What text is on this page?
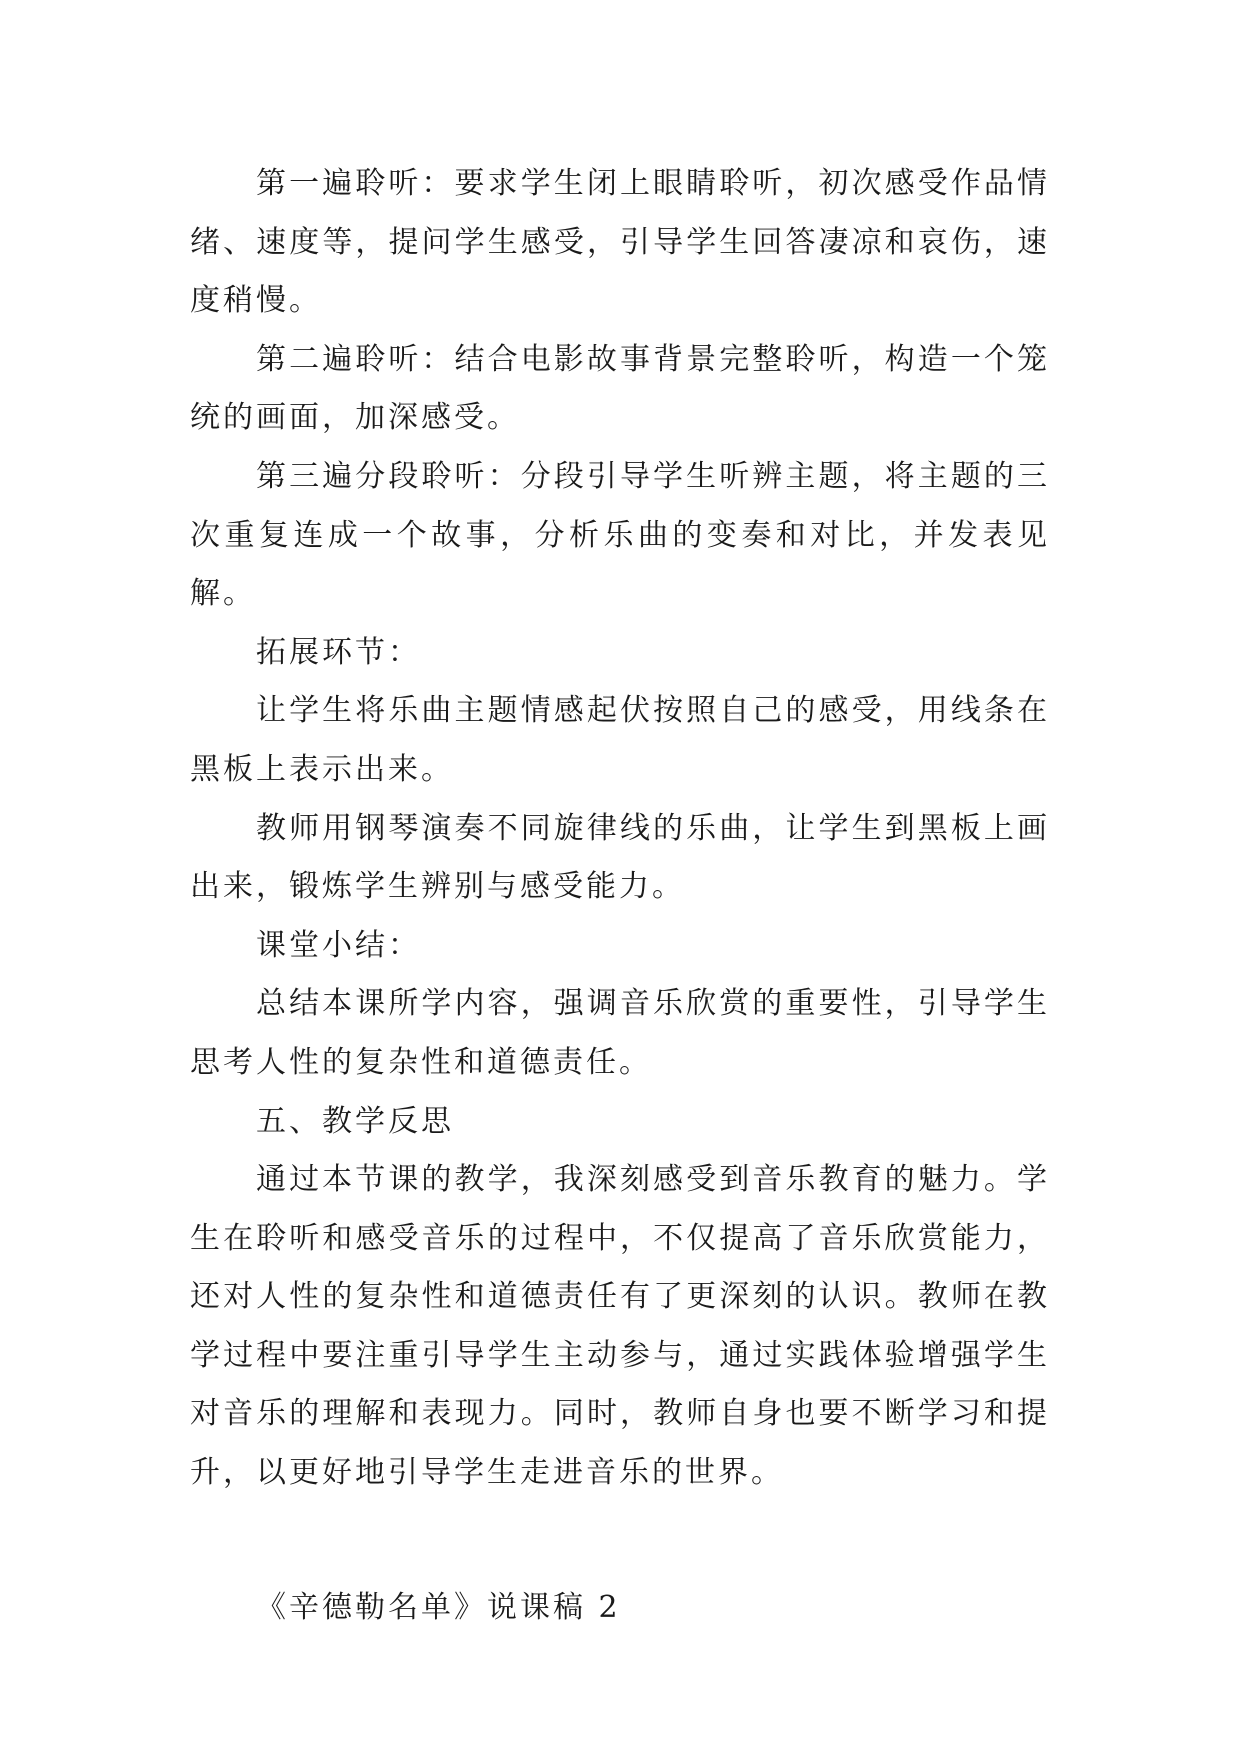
第一遍聆听：要求学生闭上眼睛聆听，初次感受作品情绪、速度等，提问学生感受，引导学生回答凄凉和哀伤，速度稍慢。

第二遍聆听：结合电影故事背景完整聆听，构造一个笼统的画面，加深感受。

第三遍分段聆听：分段引导学生听辨主题，将主题的三次重复连成一个故事，分析乐曲的变奏和对比，并发表见解。

拓展环节：

让学生将乐曲主题情感起伏按照自己的感受，用线条在黑板上表示出来。

教师用钢琴演奏不同旋律线的乐曲，让学生到黑板上画出来，锻炼学生辨别与感受能力。

课堂小结：

总结本课所学内容，强调音乐欣赏的重要性，引导学生思考人性的复杂性和道德责任。

五、教学反思

通过本节课的教学，我深刻感受到音乐教育的魅力。学生在聆听和感受音乐的过程中，不仅提高了音乐欣赏能力，还对人性的复杂性和道德责任有了更深刻的认识。教师在教学过程中要注重引导学生主动参与，通过实践体验增强学生对音乐的理解和表现力。同时，教师自身也要不断学习和提升，以更好地引导学生走进音乐的世界。

《辛德勒名单》说课稿 2
